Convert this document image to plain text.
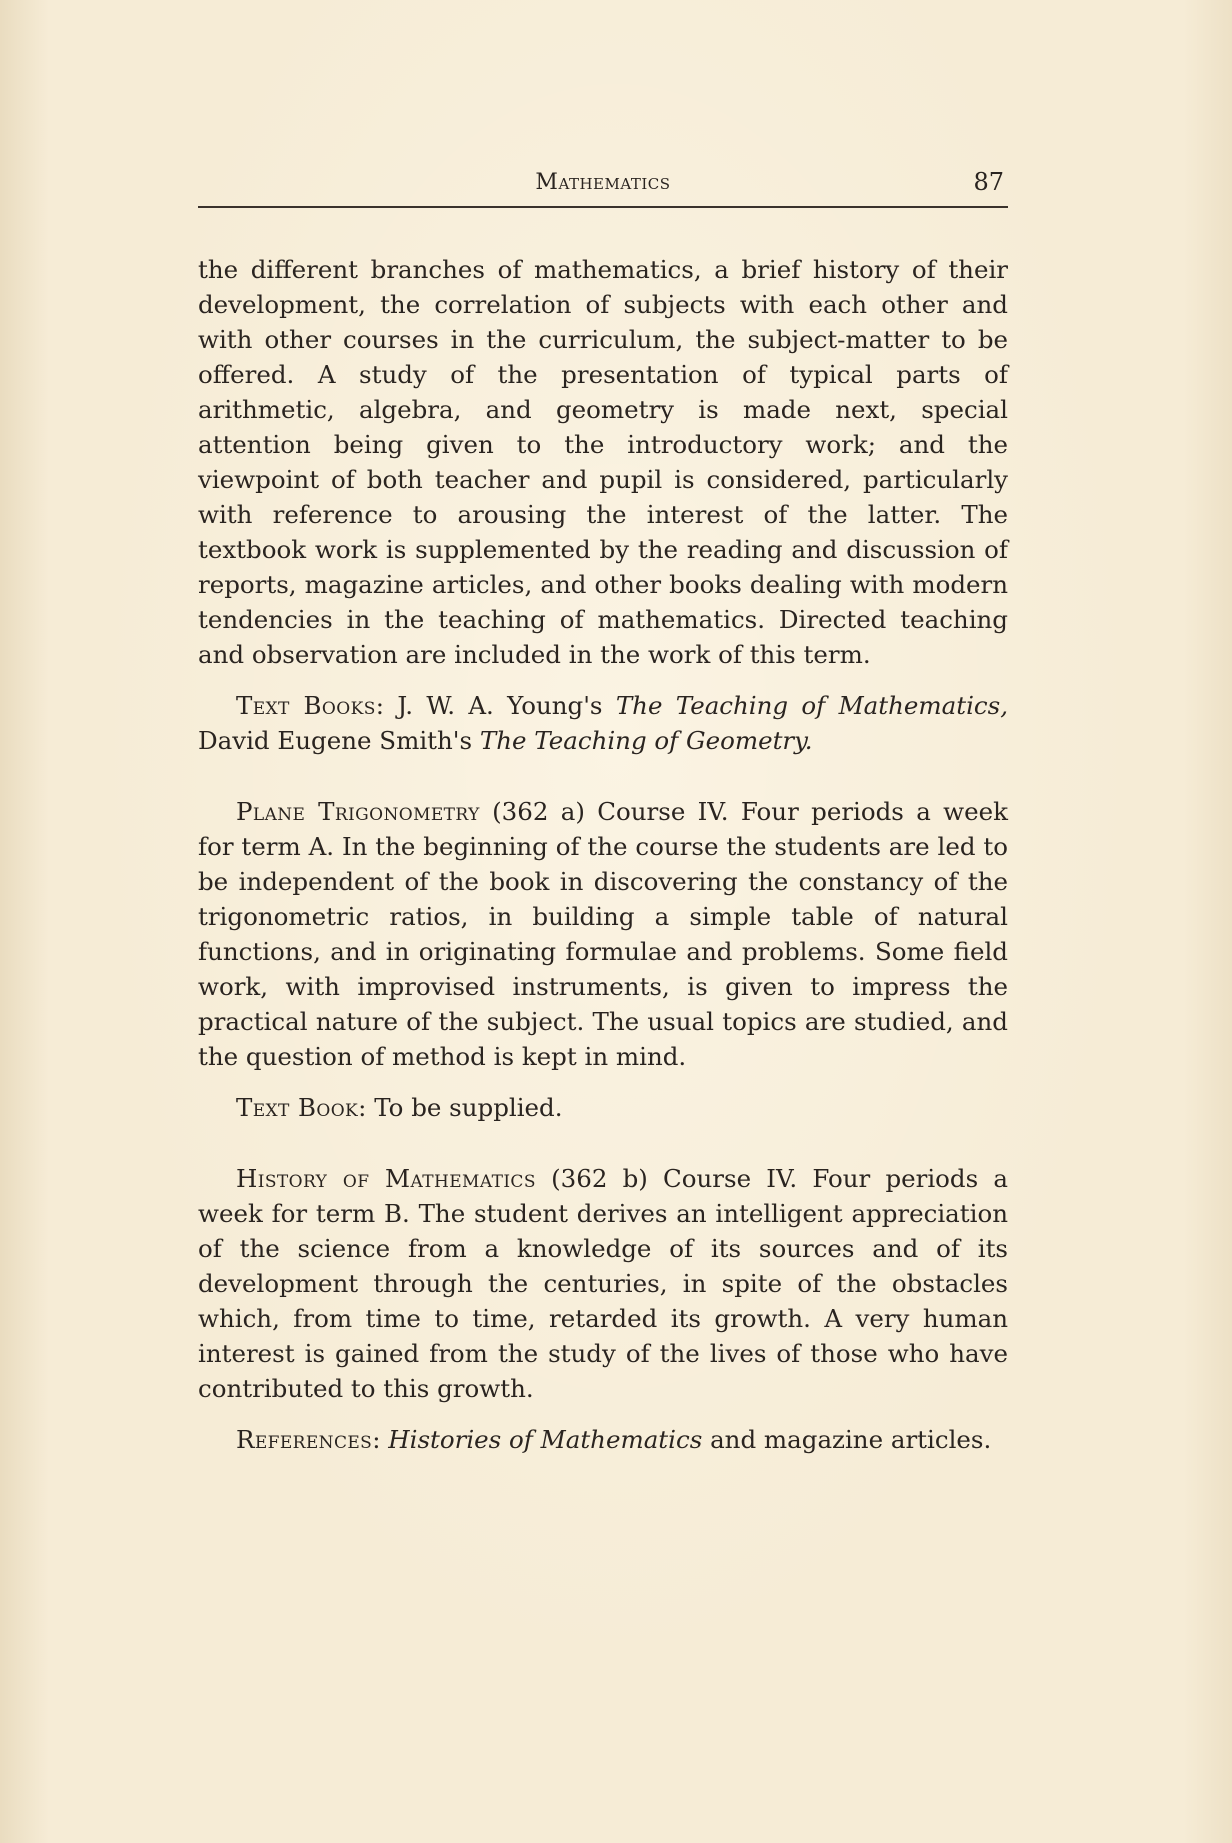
Mathematics	87

the different branches of mathematics, a brief history of their development, the correlation of subjects with each other and with other courses in the curriculum, the subject-matter to be offered. A study of the presentation of typical parts of arithmetic, algebra, and geometry is made next, special attention being given to the introductory work; and the viewpoint of both teacher and pupil is considered, particularly with reference to arousing the interest of the latter. The textbook work is supplemented by the reading and discussion of reports, magazine articles, and other books dealing with modern tendencies in the teaching of mathematics. Directed teaching and observation are included in the work of this term.

Text Books: J. W. A. Young's The Teaching of Mathematics, David Eugene Smith's The Teaching of Geometry.

Plane Trigonometry (362 a) Course IV. Four periods a week for term A. In the beginning of the course the students are led to be independent of the book in discovering the constancy of the trigonometric ratios, in building a simple table of natural functions, and in originating formulae and problems. Some field work, with improvised instruments, is given to impress the practical nature of the subject. The usual topics are studied, and the question of method is kept in mind.

Text Book: To be supplied.

History of Mathematics (362 b) Course IV. Four periods a week for term B. The student derives an intelligent appreciation of the science from a knowledge of its sources and of its development through the centuries, in spite of the obstacles which, from time to time, retarded its growth. A very human interest is gained from the study of the lives of those who have contributed to this growth.

References: Histories of Mathematics and magazine articles.
